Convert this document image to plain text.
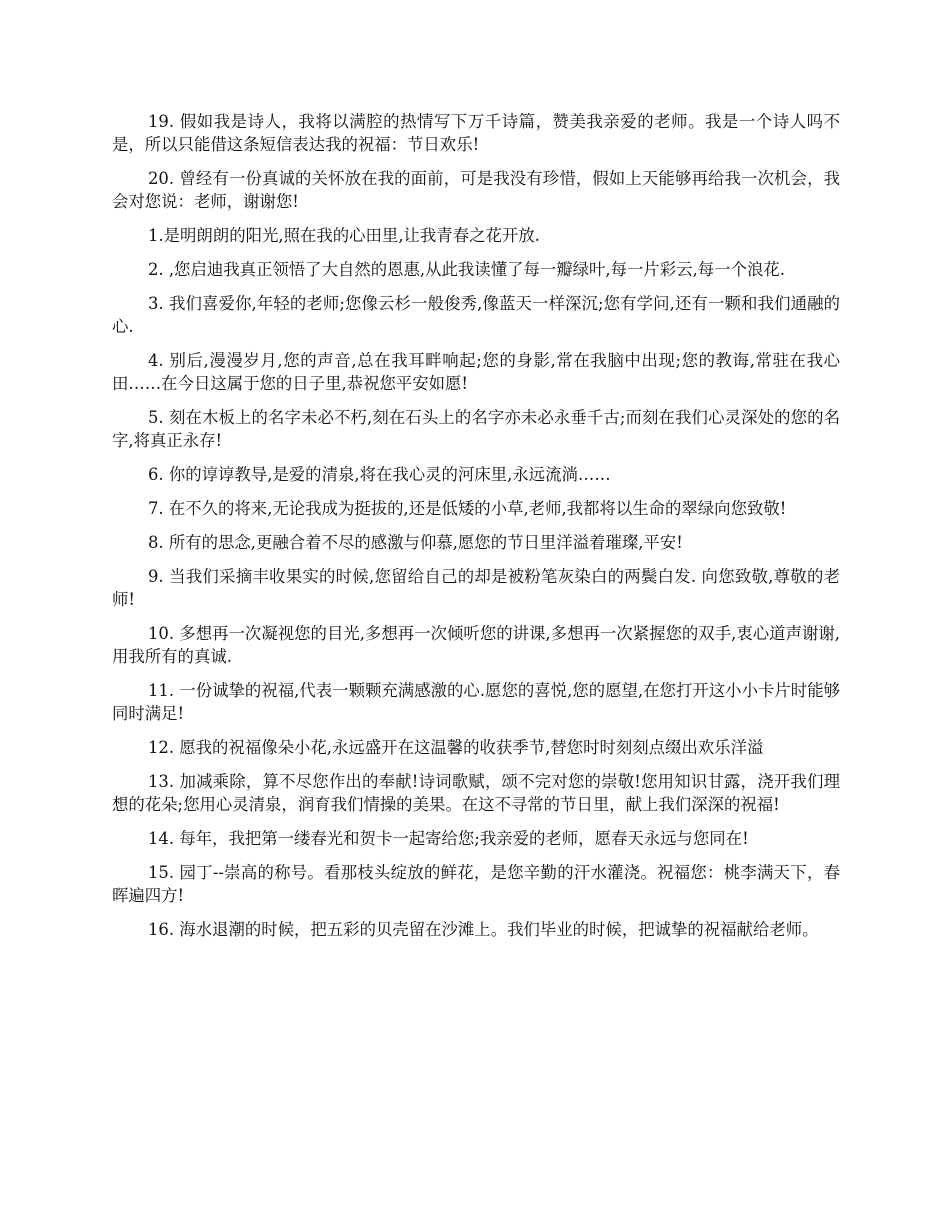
19. 假如我是诗人，我将以满腔的热情写下万千诗篇，赞美我亲爱的老师。我是一个诗人吗不是，所以只能借这条短信表达我的祝福：节日欢乐!

20. 曾经有一份真诚的关怀放在我的面前，可是我没有珍惜，假如上天能够再给我一次机会，我会对您说：老师，谢谢您!

1.是明朗朗的阳光,照在我的心田里,让我青春之花开放.

2. ,您启迪我真正领悟了大自然的恩惠,从此我读懂了每一瓣绿叶,每一片彩云,每一个浪花.

3. 我们喜爱你,年轻的老师;您像云杉一般俊秀,像蓝天一样深沉;您有学问,还有一颗和我们通融的心.

4. 别后,漫漫岁月,您的声音,总在我耳畔响起;您的身影,常在我脑中出现;您的教诲,常驻在我心田……在今日这属于您的日子里,恭祝您平安如愿!

5. 刻在木板上的名字未必不朽,刻在石头上的名字亦未必永垂千古;而刻在我们心灵深处的您的名字,将真正永存!

6. 你的谆谆教导,是爱的清泉,将在我心灵的河床里,永远流淌……

7. 在不久的将来,无论我成为挺拔的,还是低矮的小草,老师,我都将以生命的翠绿向您致敬!

8. 所有的思念,更融合着不尽的感激与仰慕,愿您的节日里洋溢着璀璨,平安!

9. 当我们采摘丰收果实的时候,您留给自己的却是被粉笔灰染白的两鬓白发. 向您致敬,尊敬的老师!

10. 多想再一次凝视您的目光,多想再一次倾听您的讲课,多想再一次紧握您的双手,衷心道声谢谢,用我所有的真诚.

11. 一份诚挚的祝福,代表一颗颗充满感激的心.愿您的喜悦,您的愿望,在您打开这小小卡片时能够同时满足!

12. 愿我的祝福像朵小花,永远盛开在这温馨的收获季节,替您时时刻刻点缀出欢乐洋溢

13. 加减乘除，算不尽您作出的奉献!诗词歌赋，颂不完对您的崇敬!您用知识甘露，浇开我们理想的花朵;您用心灵清泉，润育我们情操的美果。在这不寻常的节日里，献上我们深深的祝福!

14. 每年，我把第一缕春光和贺卡一起寄给您;我亲爱的老师，愿春天永远与您同在!

15. 园丁--崇高的称号。看那枝头绽放的鲜花，是您辛勤的汗水灌浇。祝福您：桃李满天下，春晖遍四方!

16. 海水退潮的时候，把五彩的贝壳留在沙滩上。我们毕业的时候，把诚挚的祝福献给老师。
